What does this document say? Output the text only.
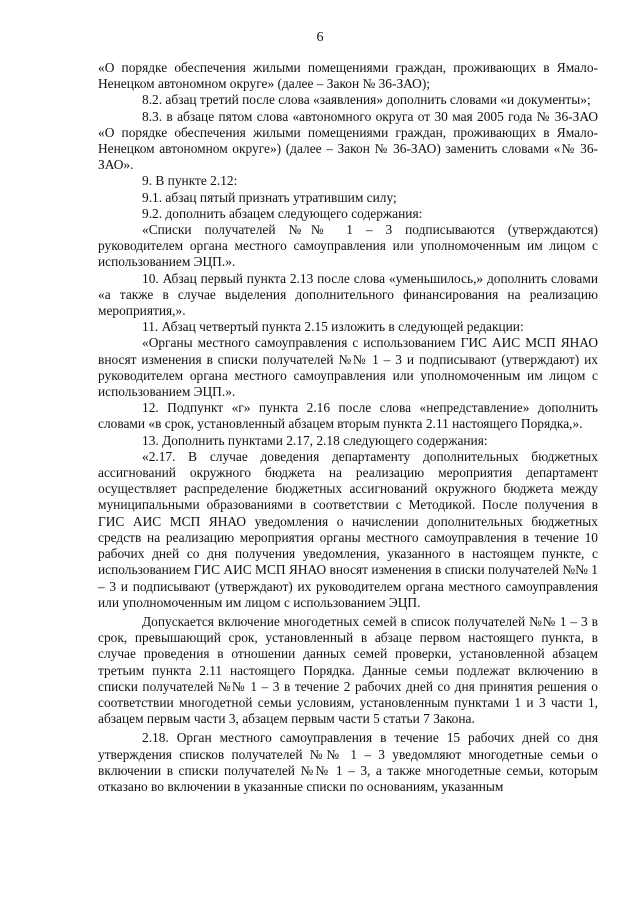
6

«О порядке обеспечения жилыми помещениями граждан, проживающих в Ямало-Ненецком автономном округе» (далее – Закон № 36-ЗАО);

8.2. абзац третий после слова «заявления» дополнить словами «и документы»;

8.3. в абзаце пятом слова «автономного округа от 30 мая 2005 года № 36-ЗАО «О порядке обеспечения жилыми помещениями граждан, проживающих в Ямало-Ненецком автономном округе») (далее – Закон № 36-ЗАО) заменить словами «№ 36-ЗАО».

9. В пункте 2.12:

9.1. абзац пятый признать утратившим силу;

9.2. дополнить абзацем следующего содержания:

«Списки получателей №№ 1 – 3 подписываются (утверждаются) руководителем органа местного самоуправления или уполномоченным им лицом с использованием ЭЦП.».

10. Абзац первый пункта 2.13 после слова «уменьшилось,» дополнить словами «а также в случае выделения дополнительного финансирования на реализацию мероприятия,».

11. Абзац четвертый пункта 2.15 изложить в следующей редакции:

«Органы местного самоуправления с использованием ГИС АИС МСП ЯНАО вносят изменения в списки получателей №№ 1 – 3 и подписывают (утверждают) их руководителем органа местного самоуправления или уполномоченным им лицом с использованием ЭЦП.».

12. Подпункт «г» пункта 2.16 после слова «непредставление» дополнить словами «в срок, установленный абзацем вторым пункта 2.11 настоящего Порядка,».

13. Дополнить пунктами 2.17, 2.18 следующего содержания:

«2.17. В случае доведения департаменту дополнительных бюджетных ассигнований окружного бюджета на реализацию мероприятия департамент осуществляет распределение бюджетных ассигнований окружного бюджета между муниципальными образованиями в соответствии с Методикой. После получения в ГИС АИС МСП ЯНАО уведомления о начислении дополнительных бюджетных средств на реализацию мероприятия органы местного самоуправления в течение 10 рабочих дней со дня получения уведомления, указанного в настоящем пункте, с использованием ГИС АИС МСП ЯНАО вносят изменения в списки получателей №№ 1 – 3 и подписывают (утверждают) их руководителем органа местного самоуправления или уполномоченным им лицом с использованием ЭЦП.

Допускается включение многодетных семей в список получателей №№ 1 – 3 в срок, превышающий срок, установленный в абзаце первом настоящего пункта, в случае проведения в отношении данных семей проверки, установленной абзацем третьим пункта 2.11 настоящего Порядка. Данные семьи подлежат включению в списки получателей №№ 1 – 3 в течение 2 рабочих дней со дня принятия решения о соответствии многодетной семьи условиям, установленным пунктами 1 и 3 части 1, абзацем первым части 3, абзацем первым части 5 статьи 7 Закона.

2.18. Орган местного самоуправления в течение 15 рабочих дней со дня утверждения списков получателей №№ 1 – 3 уведомляют многодетные семьи о включении в списки получателей №№ 1 – 3, а также многодетные семьи, которым отказано во включении в указанные списки по основаниям, указанным
